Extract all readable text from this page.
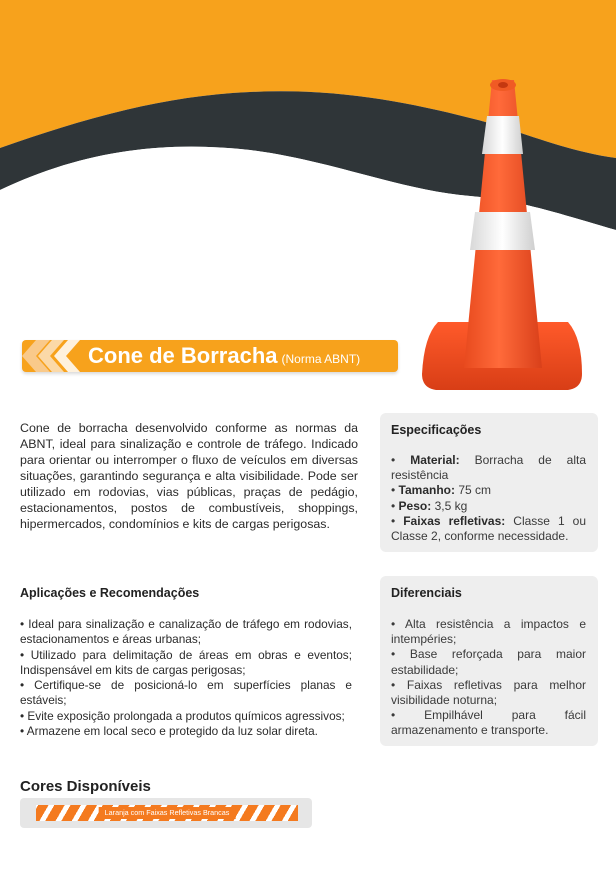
Cone de Borracha (Norma ABNT)

Cone de borracha desenvolvido conforme as normas da ABNT, ideal para sinalização e controle de tráfego. Indicado para orientar ou interromper o fluxo de veículos em diversas situações, garantindo segurança e alta visibilidade. Pode ser utilizado em rodovias, vias públicas, praças de pedágio, estacionamentos, postos de combustíveis, shoppings, hipermercados, condomínios e kits de cargas perigosas.

Especificações
• Material: Borracha de alta resistência
• Tamanho: 75 cm
• Peso: 3,5 kg
• Faixas refletivas: Classe 1 ou Classe 2, conforme necessidade.
Aplicações e Recomendações
• Ideal para sinalização e canalização de tráfego em rodovias, estacionamentos e áreas urbanas;
• Utilizado para delimitação de áreas em obras e eventos; Indispensável em kits de cargas perigosas;
• Certifique-se de posicioná-lo em superfícies planas e estáveis;
• Evite exposição prolongada a produtos químicos agressivos;
• Armazene em local seco e protegido da luz solar direta.
Diferenciais
• Alta resistência a impactos e intempéries;
• Base reforçada para maior estabilidade;
• Faixas refletivas para melhor visibilidade noturna;
• Empilhável para fácil armazenamento e transporte.
Cores Disponíveis
Laranja com Faixas Refletivas Brancas
